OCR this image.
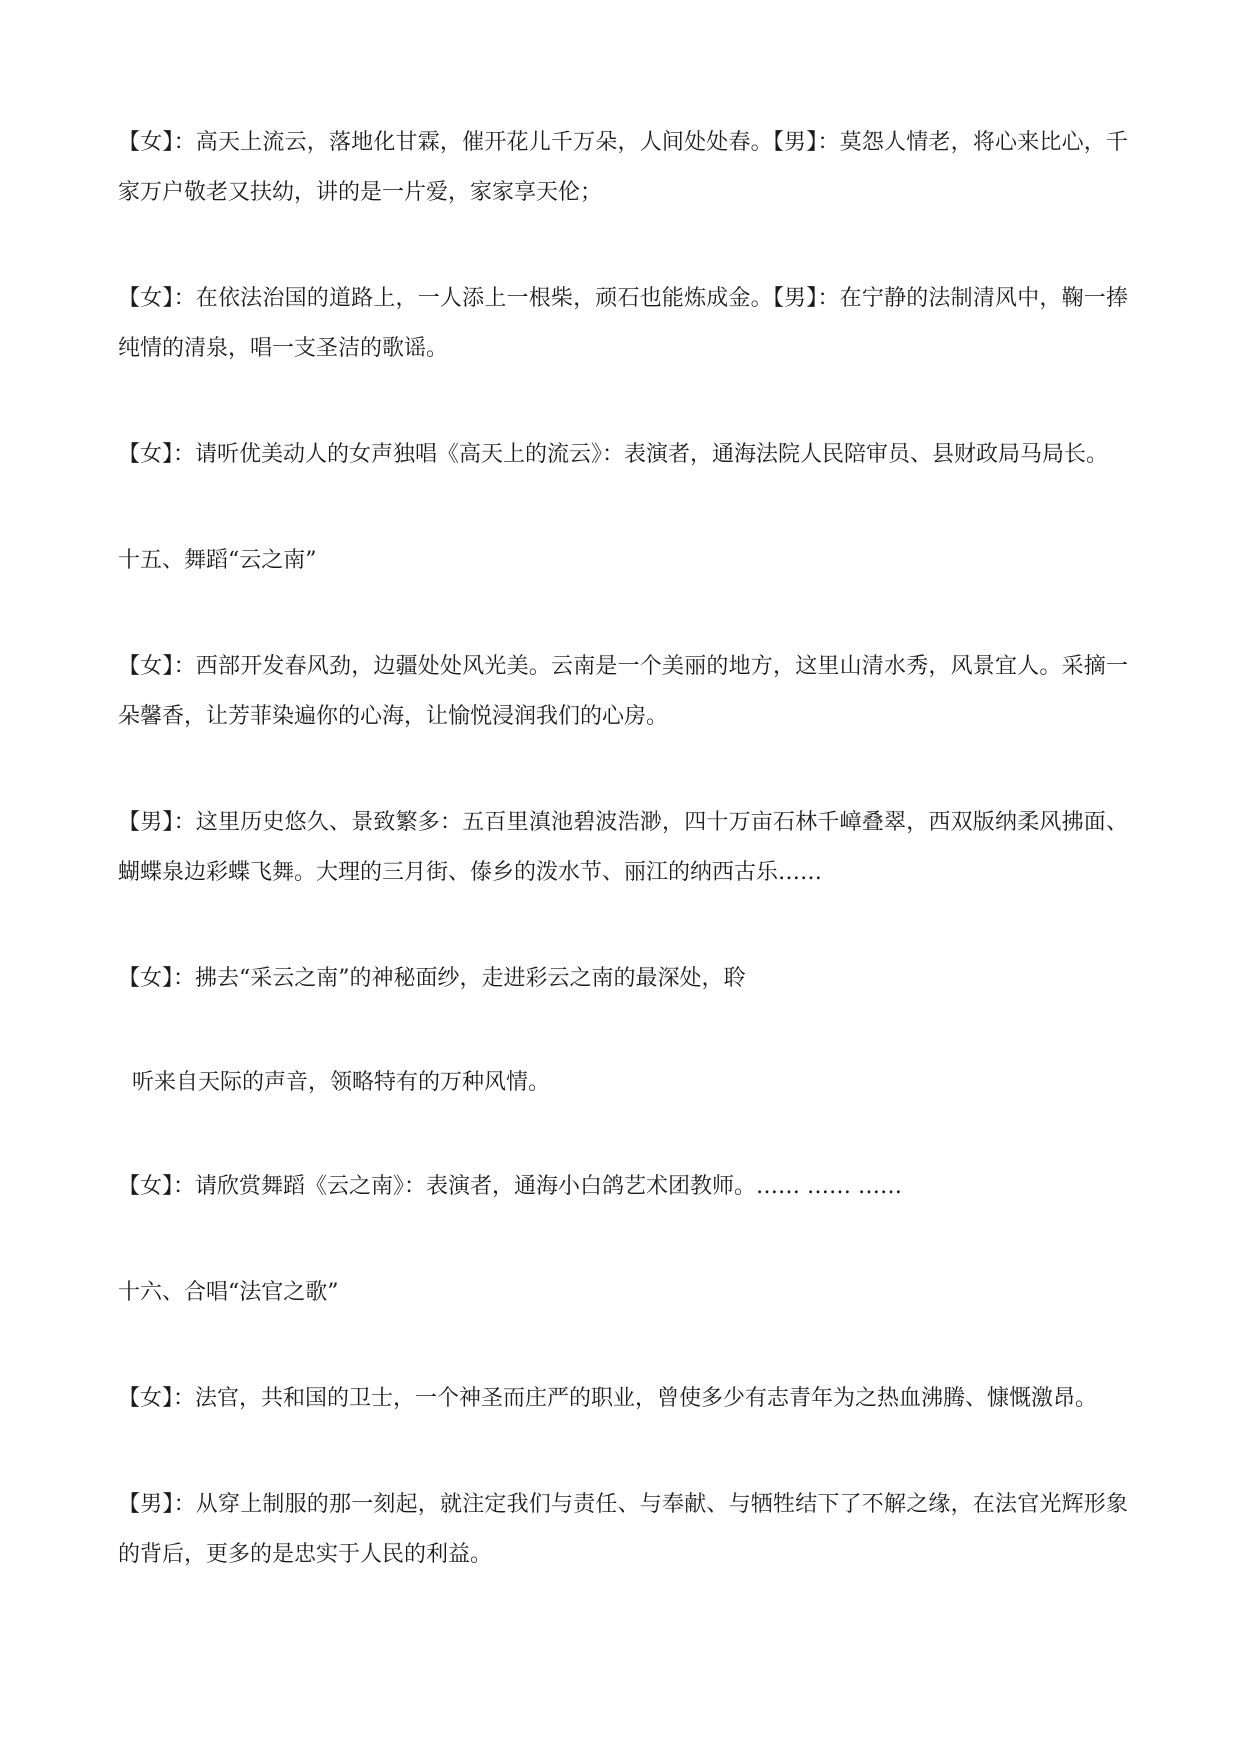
【女】：高天上流云，落地化甘霖，催开花儿千万朵，人间处处春。【男】：莫怨人情老，将心来比心，千家万户敬老又扶幼，讲的是一片爱，家家享天伦；

【女】：在依法治国的道路上，一人添上一根柴，顽石也能炼成金。【男】：在宁静的法制清风中，鞠一捧纯情的清泉，唱一支圣洁的歌谣。

【女】：请听优美动人的女声独唱《高天上的流云》：表演者，通海法院人民陪审员、县财政局马局长。

十五、舞蹈“云之南”

【女】：西部开发春风劲，边疆处处风光美。云南是一个美丽的地方，这里山清水秀，风景宜人。采摘一朵馨香，让芳菲染遍你的心海，让愉悦浸润我们的心房。

【男】：这里历史悠久、景致繁多：五百里滇池碧波浩渺，四十万亩石林千嶂叠翠，西双版纳柔风拂面、蝴蝶泉边彩蝶飞舞。大理的三月街、傣乡的泼水节、丽江的纳西古乐……

【女】：拂去“采云之南”的神秘面纱，走进彩云之南的最深处，聆

听来自天际的声音，领略特有的万种风情。

【女】：请欣赏舞蹈《云之南》：表演者，通海小白鸽艺术团教师。…… …… ……

十六、合唱“法官之歌”

【女】：法官，共和国的卫士，一个神圣而庄严的职业，曾使多少有志青年为之热血沸腾、慷慨激昂。

【男】：从穿上制服的那一刻起，就注定我们与责任、与奉献、与牺牲结下了不解之缘，在法官光辉形象的背后，更多的是忠实于人民的利益。
